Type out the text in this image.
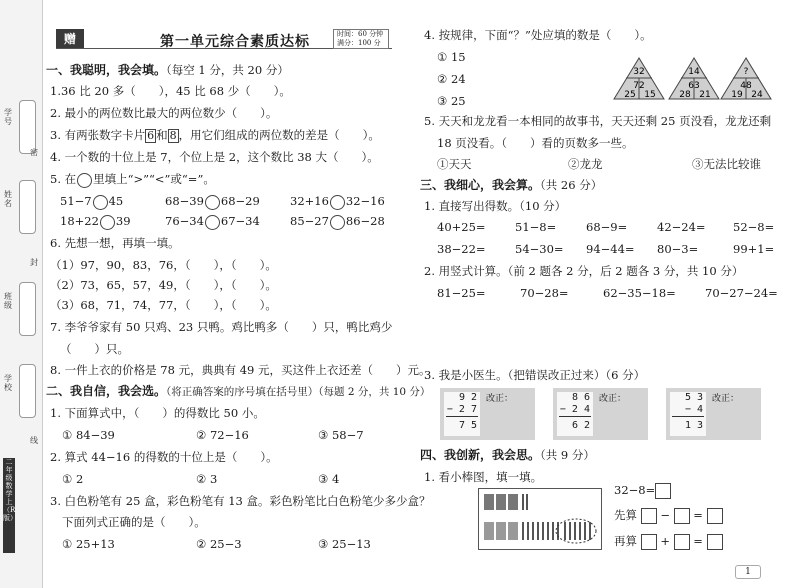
学号
姓名
班级
学校
密
封
线
二年级数学 上（R版）
赠	第一单元综合素质达标	时间：60 分钟
满分：100 分
一、我聪明，我会填。（每空 1 分，共 20 分）
1.36 比 20 多（　　），45 比 68 少（　　）。
2. 最小的两位数比最大的两位数少（　　）。
3. 有两张数字卡片 6 和 8 ，用它们组成的两位数的差是（　　）。
4. 一个数的十位上是 7，个位上是 2，这个数比 38 大（　　）。
5. 在 里填上“>”“<”或“=”。
51−7 45	68−39 68−29	32+16 32−16
18+22 39	76−34 67−34	85−27 86−28
6. 先想一想，再填一填。
（1）97，90，83，76，（　　），（　　）。
（2）73，65，57，49，（　　），（　　）。
（3）68，71，74，77，（　　），（　　）。
7. 李爷爷家有 50 只鸡、23 只鸭。鸡比鸭多（　　）只，鸭比鸡少
（　　）只。
8. 一件上衣的价格是 78 元，典典有 49 元，买这件上衣还差（　　）元。
二、我自信，我会选。（将正确答案的序号填在括号里）（每题 2 分，共 10 分）
1. 下面算式中，（　　）的得数比 50 小。
① 84−39	② 72−16	③ 58−7
2. 算式 44−16 的得数的十位上是（　　）。
① 2	② 3	③ 4
3. 白色粉笔有 25 盒，彩色粉笔有 13 盒。彩色粉笔比白色粉笔少多少盒？
下面列式正确的是（　　）。
① 25+13	② 25−3	③ 25−13
4. 按规律，下面“？”处应填的数是（　　）。
① 15
② 24
③ 25
32
72
25 15
14
63
28 21
?
48
19 24
5. 天天和龙龙看一本相同的故事书，天天还剩 25 页没看，龙龙还剩
18 页没看。（　　）看的页数多一些。
①天天	②龙龙	③无法比较谁
三、我细心，我会算。（共 26 分）
1. 直接写出得数。（10 分）
40+25=	51−8=	68−9=	42−24= 52−8=
38−22=	54−30= 94−44= 80−3=	99+1=
2. 用竖式计算。（前 2 题各 2 分，后 2 题各 3 分，共 10 分）
81−25=	70−28=	62−35−18=	70−27−24=
3. 我是小医生。（把错误改正过来）（6 分）
9 2
− 2 7
7 5
改正：	8 6
− 2 4
6 2
改正：	5 3
− 4
1 3
改正：
四、我创新，我会思。（共 9 分）
1. 看小棒图，填一填。
32−8=
先算 − =
再算 + =
1
